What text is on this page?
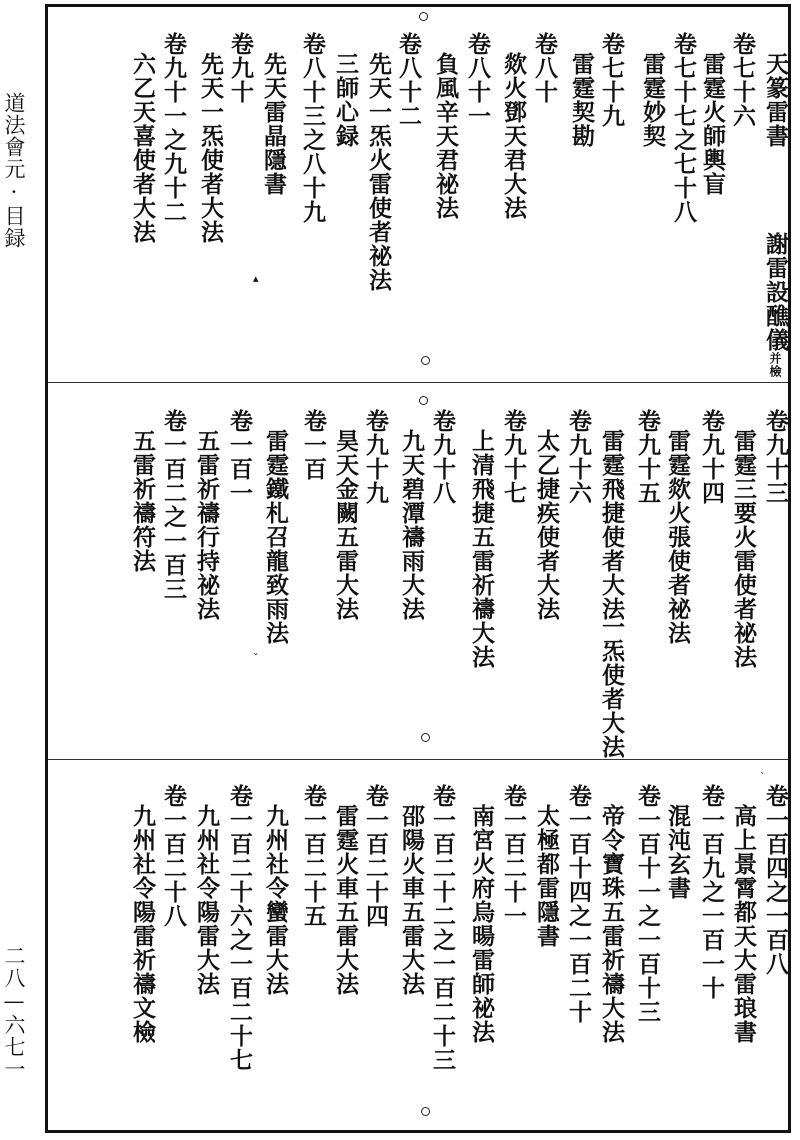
道法會元·目録
二八—六七一
▴
ˇ
ˋ
天篆雷書
卷七十六
雷霆火師輿盲
卷七十七之七十八
雷霆妙契
卷七十九
雷霆契勘
卷八十
欻火鄧天君大法
卷八十一
負風辛天君祕法
卷八十二
先天一炁火雷使者祕法
三師心録
卷八十三之八十九
先天雷晶隱書
卷九十
先天一炁使者大法
卷九十一之九十二
六乙天喜使者大法
謝雷設醮儀并檢
卷九十三
雷霆三要火雷使者祕法
卷九十四
雷霆欻火張使者祕法
卷九十五
雷霆飛捷使者大法
卷九十六
太乙捷疾使者大法
卷九十七
上清飛捷五雷祈禱大法
卷九十八
九天碧潭禱雨大法
卷九十九
昊天金闕五雷大法
卷一百
雷霆鐵札召龍致雨法
卷一百一
五雷祈禱行持祕法
卷一百二之一百三
五雷祈禱符法
一炁使者大法
卷一百四之一百八
高上景霄都天大雷琅書
卷一百九之一百一十
混沌玄書
卷一百十一之一百十三
帝令寶珠五雷祈禱大法
卷一百十四之一百二十
太極都雷隱書
卷一百二十一
南宮火府烏暘雷師祕法
卷一百二十二之一百二十三
邵陽火車五雷大法
卷一百二十四
雷霆火車五雷大法
卷一百二十五
九州社令蠻雷大法
卷一百二十六之一百二十七
九州社令陽雷大法
卷一百二十八
九州社令陽雷祈禱文檢
